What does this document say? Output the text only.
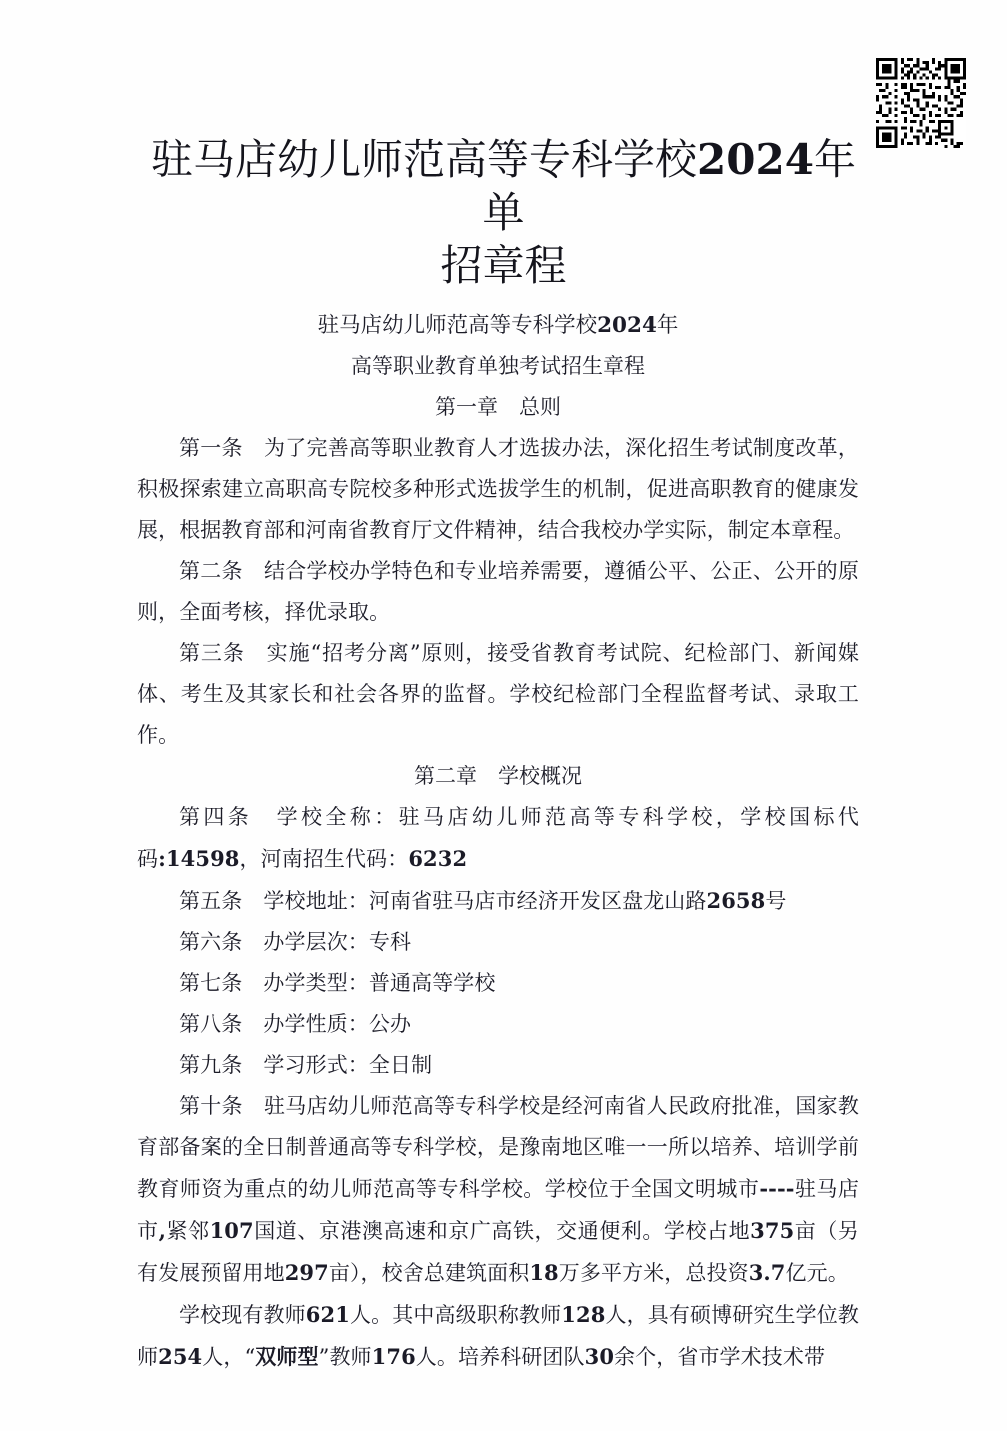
驻马店幼儿师范高等专科学校2024年单
招章程
驻马店幼儿师范高等专科学校2024年
高等职业教育单独考试招生章程
第一章　总则

第一条　为了完善高等职业教育人才选拔办法，深化招生考试制度改革，积极探索建立高职高专院校多种形式选拔学生的机制，促进高职教育的健康发展，根据教育部和河南省教育厅文件精神，结合我校办学实际，制定本章程。

第二条　结合学校办学特色和专业培养需要，遵循公平、公正、公开的原则，全面考核，择优录取。

第三条　实施“招考分离”原则，接受省教育考试院、纪检部门、新闻媒体、考生及其家长和社会各界的监督。学校纪检部门全程监督考试、录取工作。

第二章　学校概况

第四条　学校全称：驻马店幼儿师范高等专科学校，学校国标代码:14598，河南招生代码：6232

第五条　学校地址：河南省驻马店市经济开发区盘龙山路2658号

第六条　办学层次：专科

第七条　办学类型：普通高等学校

第八条　办学性质：公办

第九条　学习形式：全日制

第十条　驻马店幼儿师范高等专科学校是经河南省人民政府批准，国家教育部备案的全日制普通高等专科学校，是豫南地区唯一一所以培养、培训学前教育师资为重点的幼儿师范高等专科学校。学校位于全国文明城市----驻马店市,紧邻107国道、京港澳高速和京广高铁，交通便利。学校占地375亩（另有发展预留用地297亩），校舍总建筑面积18万多平方米，总投资3.7亿元。

学校现有教师621人。其中高级职称教师128人，具有硕博研究生学位教师254人，“双师型”教师176人。培养科研团队30余个，省市学术技术带
